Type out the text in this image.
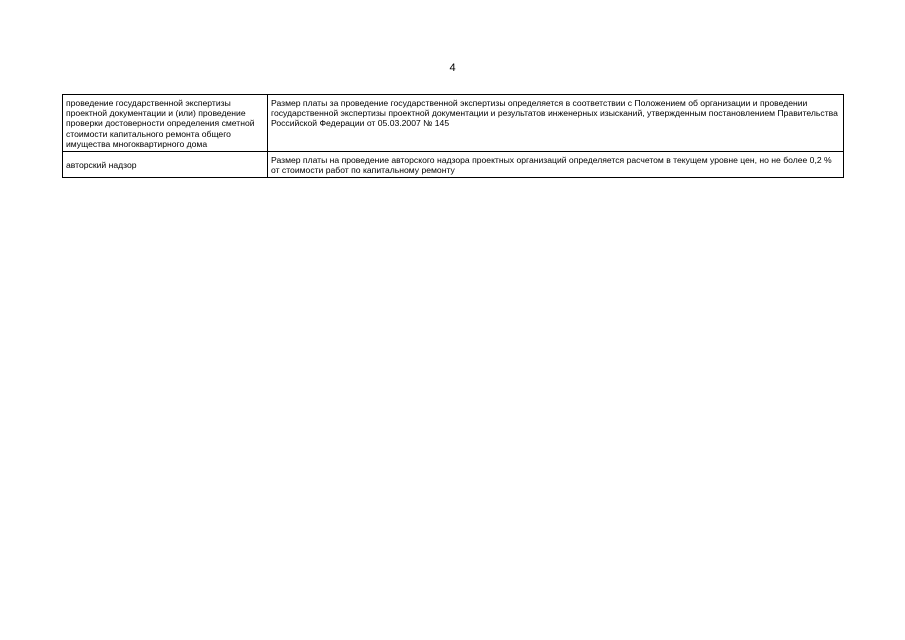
4
проведение государственной экспертизы проектной документации и (или) проведение проверки достоверности определения сметной стоимости капитального ремонта общего имущества многоквартирного дома	Размер платы за проведение государственной экспертизы определяется в соответствии с Положением об организации и проведении государственной экспертизы проектной документации и результатов инженерных изысканий, утвержденным постановлением Правительства Российской Федерации от 05.03.2007 № 145
авторский надзор	Размер платы на проведение авторского надзора проектных организаций определяется расчетом в текущем уровне цен, но не более 0,2 % от стоимости работ по капитальному ремонту
